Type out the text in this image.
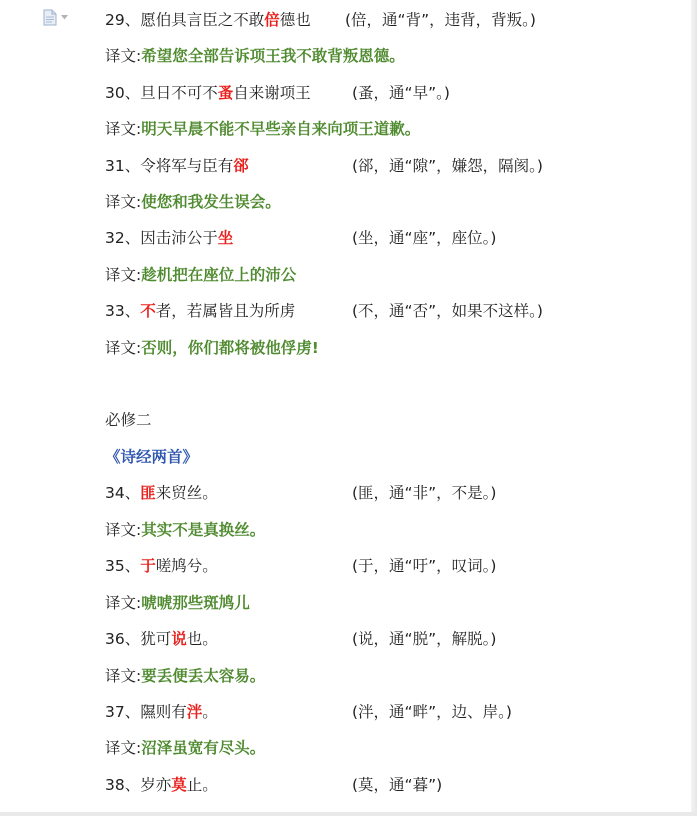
29、愿伯具言臣之不敢倍德也 (倍，通“背”，违背，背叛。)
译文:希望您全部告诉项王我不敢背叛恩德。
30、旦日不可不蚤自来谢项王	(蚤，通“早”。)
译文:明天早晨不能不早些亲自来向项王道歉。
31、令将军与臣有郤	(郤，通“隙”，嫌怨，隔阂。)
译文:使您和我发生误会。
32、因击沛公于坐	(坐，通“座”，座位。)
译文:趁机把在座位上的沛公
33、不者，若属皆且为所虏	(不，通“否”，如果不这样。)
译文:否则，你们都将被他俘虏!
必修二
《诗经两首》
34、匪来贸丝。	(匪，通“非”，不是。)
译文:其实不是真换丝。
35、于嗟鸠兮。	(于，通“吁”，叹词。)
译文:唬唬那些斑鸠儿
36、犹可说也。	(说，通“脱”，解脱。)
译文:要丢便丢太容易。
37、隰则有泮。	(泮，通“畔”，边、岸。)
译文:沼泽虽宽有尽头。
38、岁亦莫止。	(莫，通“暮”)
